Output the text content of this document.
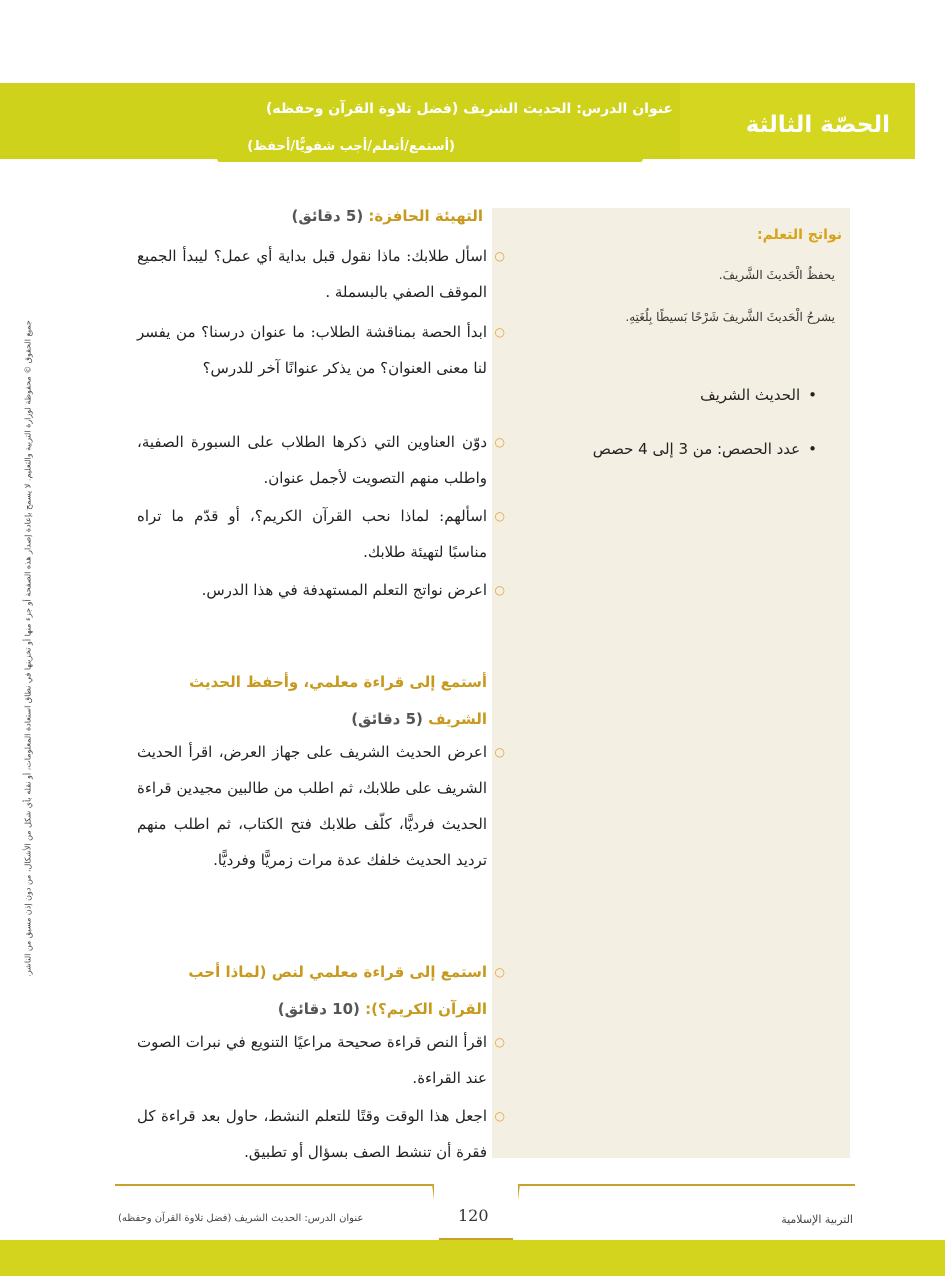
الحصّة الثالثة
عنوان الدرس: الحديث الشريف (فضل تلاوة القرآن وحفظه)
(أستمع/أتعلم/أجب شفويًّا/أحفظ)
نواتج التعلم:
يحفظُ الْحَديثَ الشَّريفَ.
يشرحُ الْحَديثَ الشَّريفَ شَرْحًا بَسيطًا بِلُغَتِهِ.
•الحديث الشريف
•عدد الحصص: من 3 إلى 4 حصص
التهيئة الحافزة: (5 دقائق)
○
اسأل طلابك: ماذا نقول قبل بداية أي عمل؟ ليبدأ الجميع الموقف الصفي بالبسملة .
○
ابدأ الحصة بمناقشة الطلاب: ما عنوان درسنا؟ من يفسر لنا معنى العنوان؟ من يذكر عنوانًا آخر للدرس؟
○
دوّن العناوين التي ذكرها الطلاب على السبورة الصفية، واطلب منهم التصويت لأجمل عنوان.
○
اسألهم: لماذا نحب القرآن الكريم؟، أو قدّم ما تراه مناسبًا لتهيئة طلابك.
○
اعرض نواتج التعلم المستهدفة في هذا الدرس.
أستمع إلى قراءة معلمي، وأحفظ الحديث الشريف (5 دقائق)
○
اعرض الحديث الشريف على جهاز العرض، اقرأ الحديث الشريف على طلابك، ثم اطلب من طالبين مجيدين قراءة الحديث فرديًّا، كلّف طلابك فتح الكتاب، ثم اطلب منهم ترديد الحديث خلفك عدة مرات زمريًّا وفرديًّا.
○
استمع إلى قراءة معلمي لنص (لماذا أحب القرآن الكريم؟): (10 دقائق)
○
اقرأ النص قراءة صحيحة مراعيًا التنويع في نبرات الصوت عند القراءة.
○
اجعل هذا الوقت وقتًا للتعلم النشط، حاول بعد قراءة كل فقرة أن تنشط الصف بسؤال أو تطبيق.
جميع الحقوق © محفوظة لوزارة التربية والتعليم. لا يسمح بإعادة إصدار هذه الصفحة أو جزء منها أو تخزينها في نطاق استعادة المعلومات، أو نقله بأي شكل من الأشكال، من دون إذن مسبق من الناشر.
120	التربية الإسلامية
عنوان الدرس: الحديث الشريف (فضل تلاوة القرآن وحفظه)
